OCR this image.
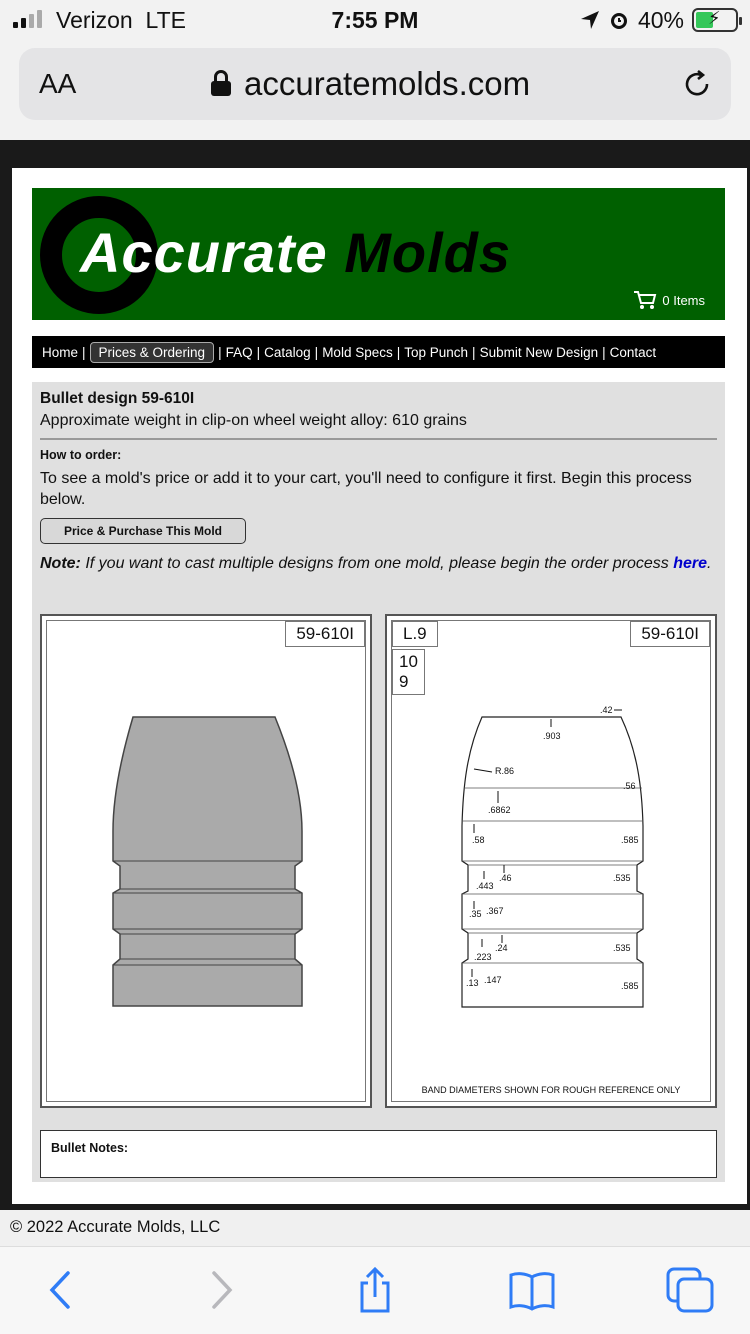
Verizon LTE	7:55 PM	40% ⚡
AA	accuratemolds.com
Accurate Molds
0 Items
Home | Prices & Ordering | FAQ | Catalog | Mold Specs | Top Punch | Submit New Design | Contact
Bullet design 59-610I
Approximate weight in clip-on wheel weight alloy: 610 grains
How to order:
To see a mold's price or add it to your cart, you'll need to configure it first. Begin this process below.
Price & Purchase This Mold
Note: If you want to cast multiple designs from one mold, please begin the order process here.
59-610I	L.9
10
9
59-610I
.42
.903
R.86
.56
.6862
.58	.585
.46
.443
.535
.35 .367
.24
.223
.535
.13 .147
.585
BAND DIAMETERS SHOWN FOR ROUGH REFERENCE ONLY
Bullet Notes:
© 2022 Accurate Molds, LLC
